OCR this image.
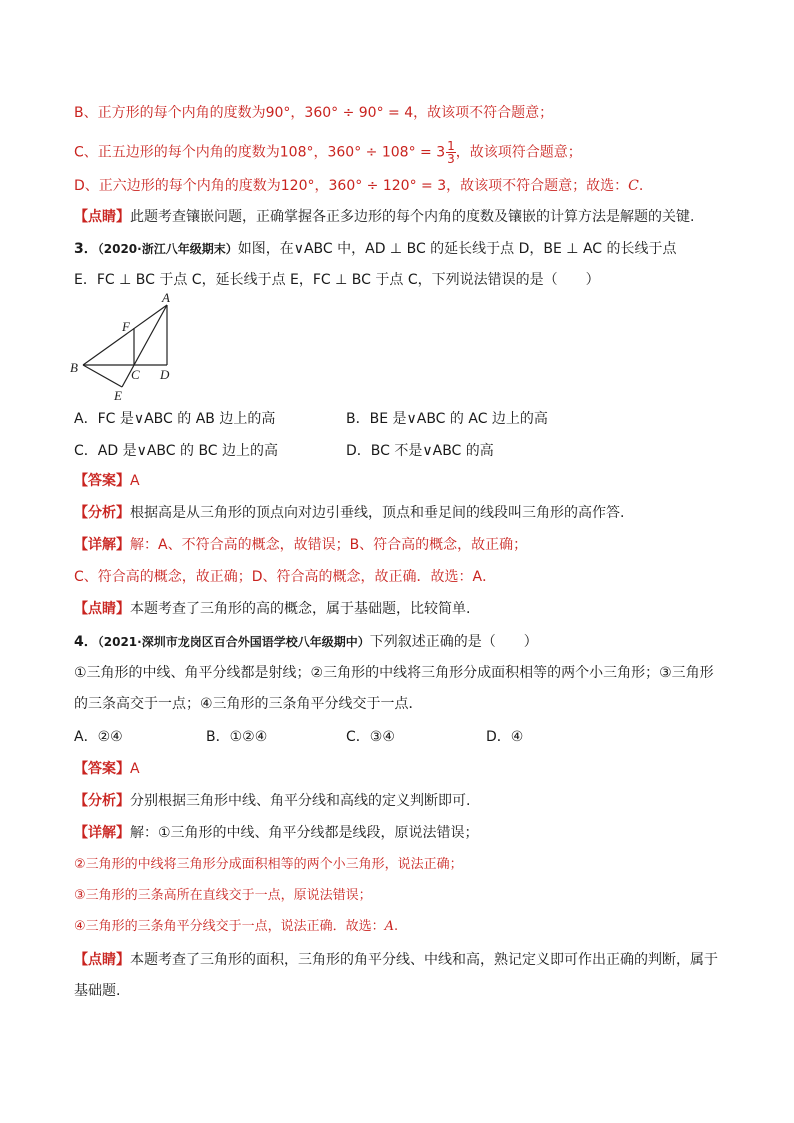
B、正方形的每个内角的度数为90°，360° ÷ 90° = 4，故该项不符合题意；
C、正五边形的每个内角的度数为108°，$360^\circ \div 108^\circ = 3 \frac{1}{3}$ ，故该项符合题意；
D、正六边形的每个内角的度数为120°，360° ÷ 120° = 3，故该项不符合题意；故选：C.
【点睛】此题考查镶嵌问题，正确掌握各正多边形的每个内角的度数及镶嵌的计算方法是解题的关键.
3．（2020·浙江八年级期末）如图，在∨ABC 中，AD ⊥ BC 的延长线于点 D，BE ⊥ AC 的长线于点
E．FC ⊥ BC 于点 C，延长线于点 E，FC ⊥ BC 于点 C，下列说法错误的是（　　）
A
F
B	C D
E
A．FC 是∨ABC 的 AB 边上的高	B．BE 是∨ABC 的 AC 边上的高
C．AD 是∨ABC 的 BC 边上的高	D．BC 不是∨ABC 的高
【答案】A
【分析】根据高是从三角形的顶点向对边引垂线，顶点和垂足间的线段叫三角形的高作答.
【详解】解：A、不符合高的概念，故错误；B、符合高的概念，故正确；
C、符合高的概念，故正确；D、符合高的概念，故正确．故选：A．
【点睛】本题考查了三角形的高的概念，属于基础题，比较简单.
4．（2021·深圳市龙岗区百合外国语学校八年级期中）下列叙述正确的是（　　）
①三角形的中线、角平分线都是射线；②三角形的中线将三角形分成面积相等的两个小三角形；③三角形
的三条高交于一点；④三角形的三条角平分线交于一点．
A．②④	B．①②④	C．③④	D．④
【答案】A
【分析】分别根据三角形中线、角平分线和高线的定义判断即可.
【详解】解：①三角形的中线、角平分线都是线段，原说法错误；
②三角形的中线将三角形分成面积相等的两个小三角形，说法正确；
③三角形的三条高所在直线交于一点，原说法错误；
④三角形的三条角平分线交于一点，说法正确．故选：A.
【点睛】本题考查了三角形的面积，三角形的角平分线、中线和高，熟记定义即可作出正确的判断，属于
基础题.
